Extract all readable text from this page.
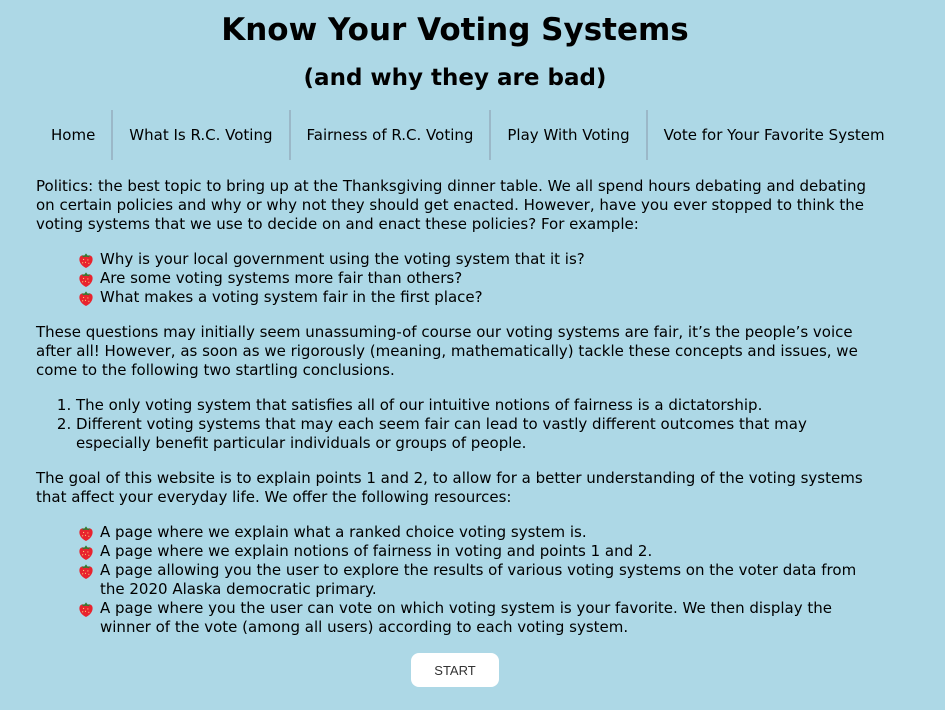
Know Your Voting Systems
(and why they are bad)
Home	What Is R.C. Voting	Fairness of R.C. Voting	Play With Voting	Vote for Your Favorite System

Politics: the best topic to bring up at the Thanksgiving dinner table. We all spend hours debating and debating on certain policies and why or why not they should get enacted. However, have you ever stopped to think the voting systems that we use to decide on and enact these policies? For example:

Why is your local government using the voting system that it is?
Are some voting systems more fair than others?
What makes a voting system fair in the first place?

These questions may initially seem unassuming-of course our voting systems are fair, it’s the people’s voice after all! However, as soon as we rigorously (meaning, mathematically) tackle these concepts and issues, we come to the following two startling conclusions.

1. The only voting system that satisfies all of our intuitive notions of fairness is a dictatorship.
2. Different voting systems that may each seem fair can lead to vastly different outcomes that may especially benefit particular individuals or groups of people.

The goal of this website is to explain points 1 and 2, to allow for a better understanding of the voting systems that affect your everyday life. We offer the following resources:

A page where we explain what a ranked choice voting system is.
A page where we explain notions of fairness in voting and points 1 and 2.
A page allowing you the user to explore the results of various voting systems on the voter data from the 2020 Alaska democratic primary.
A page where you the user can vote on which voting system is your favorite. We then display the winner of the vote (among all users) according to each voting system.
START
